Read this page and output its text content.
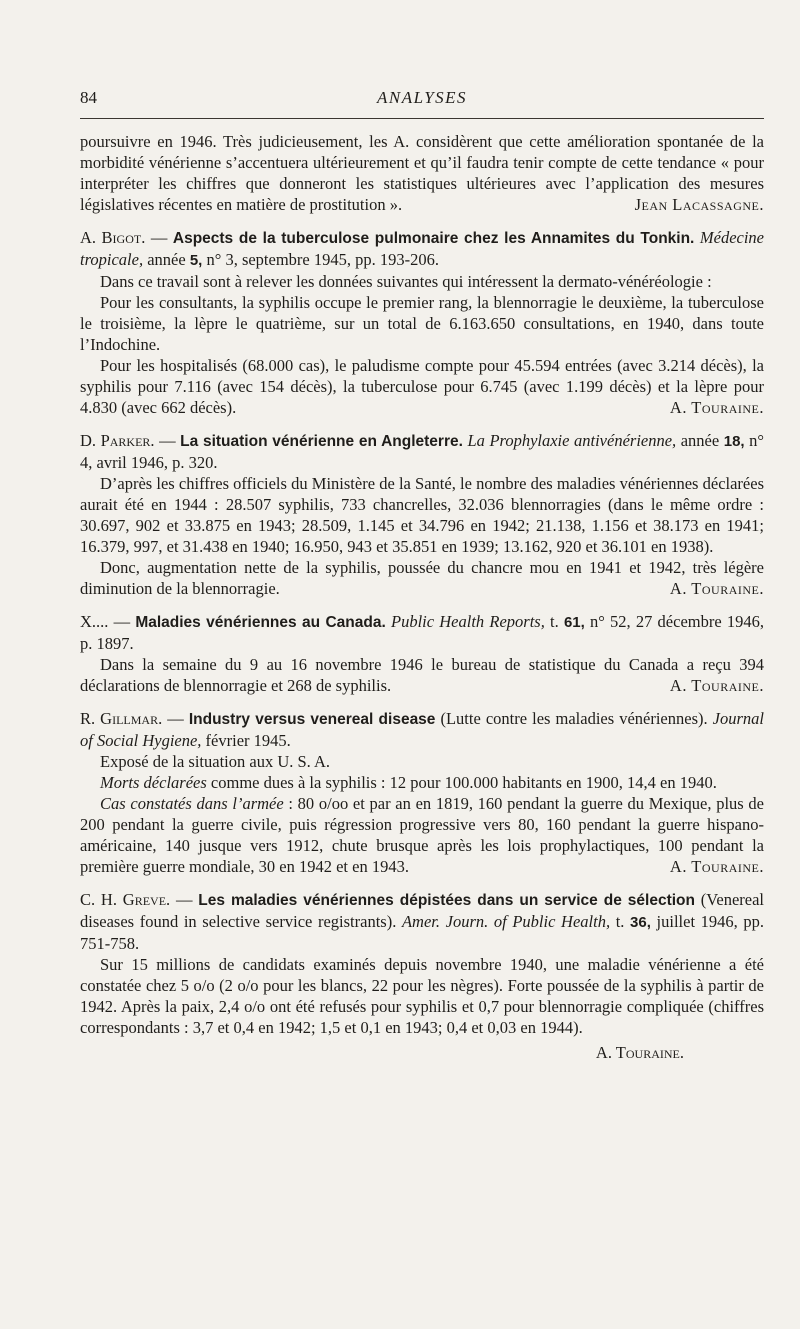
84	ANALYSES

poursuivre en 1946. Très judicieusement, les A. considèrent que cette amélioration spontanée de la morbidité vénérienne s’accentuera ultérieurement et qu’il faudra tenir compte de cette tendance « pour interpréter les chiffres que donneront les statistiques ultérieures avec l’application des mesures législatives récentes en matière de prostitution ».	Jean Lacassagne.

A. Bigot. — Aspects de la tuberculose pulmonaire chez les Annamites du Tonkin. Médecine tropicale, année 5, n° 3, septembre 1945, pp. 193-206.

Dans ce travail sont à relever les données suivantes qui intéressent la dermato-vénéréologie :

Pour les consultants, la syphilis occupe le premier rang, la blennorragie le deuxième, la tuberculose le troisième, la lèpre le quatrième, sur un total de 6.163.650 consultations, en 1940, dans toute l’Indochine.

Pour les hospitalisés (68.000 cas), le paludisme compte pour 45.594 entrées (avec 3.214 décès), la syphilis pour 7.116 (avec 154 décès), la tuberculose pour 6.745 (avec 1.199 décès) et la lèpre pour 4.830 (avec 662 décès).	A. Touraine.

D. Parker. — La situation vénérienne en Angleterre. La Prophylaxie antivénérienne, année 18, n° 4, avril 1946, p. 320.

D’après les chiffres officiels du Ministère de la Santé, le nombre des maladies vénériennes déclarées aurait été en 1944 : 28.507 syphilis, 733 chancrelles, 32.036 blennorragies (dans le même ordre : 30.697, 902 et 33.875 en 1943; 28.509, 1.145 et 34.796 en 1942; 21.138, 1.156 et 38.173 en 1941; 16.379, 997, et 31.438 en 1940; 16.950, 943 et 35.851 en 1939; 13.162, 920 et 36.101 en 1938).

Donc, augmentation nette de la syphilis, poussée du chancre mou en 1941 et 1942, très légère diminution de la blennorragie.	A. Touraine.

X.... — Maladies vénériennes au Canada. Public Health Reports, t. 61, n° 52, 27 décembre 1946, p. 1897.

Dans la semaine du 9 au 16 novembre 1946 le bureau de statistique du Canada a reçu 394 déclarations de blennorragie et 268 de syphilis.	A. Touraine.

R. Gillmar. — Industry versus venereal disease (Lutte contre les maladies vénériennes). Journal of Social Hygiene, février 1945.

Exposé de la situation aux U. S. A.

Morts déclarées comme dues à la syphilis : 12 pour 100.000 habitants en 1900, 14,4 en 1940.

Cas constatés dans l’armée : 80 o/oo et par an en 1819, 160 pendant la guerre du Mexique, plus de 200 pendant la guerre civile, puis régression progressive vers 80, 160 pendant la guerre hispano-américaine, 140 jusque vers 1912, chute brusque après les lois prophylactiques, 100 pendant la première guerre mondiale, 30 en 1942 et en 1943.	A. Touraine.

C. H. Greve. — Les maladies vénériennes dépistées dans un service de sélection (Venereal diseases found in selective service registrants). Amer. Journ. of Public Health, t. 36, juillet 1946, pp. 751-758.

Sur 15 millions de candidats examinés depuis novembre 1940, une maladie vénérienne a été constatée chez 5 o/o (2 o/o pour les blancs, 22 pour les nègres). Forte poussée de la syphilis à partir de 1942. Après la paix, 2,4 o/o ont été refusés pour syphilis et 0,7 pour blennorragie compliquée (chiffres correspondants : 3,7 et 0,4 en 1942; 1,5 et 0,1 en 1943; 0,4 et 0,03 en 1944).

A. Touraine.
